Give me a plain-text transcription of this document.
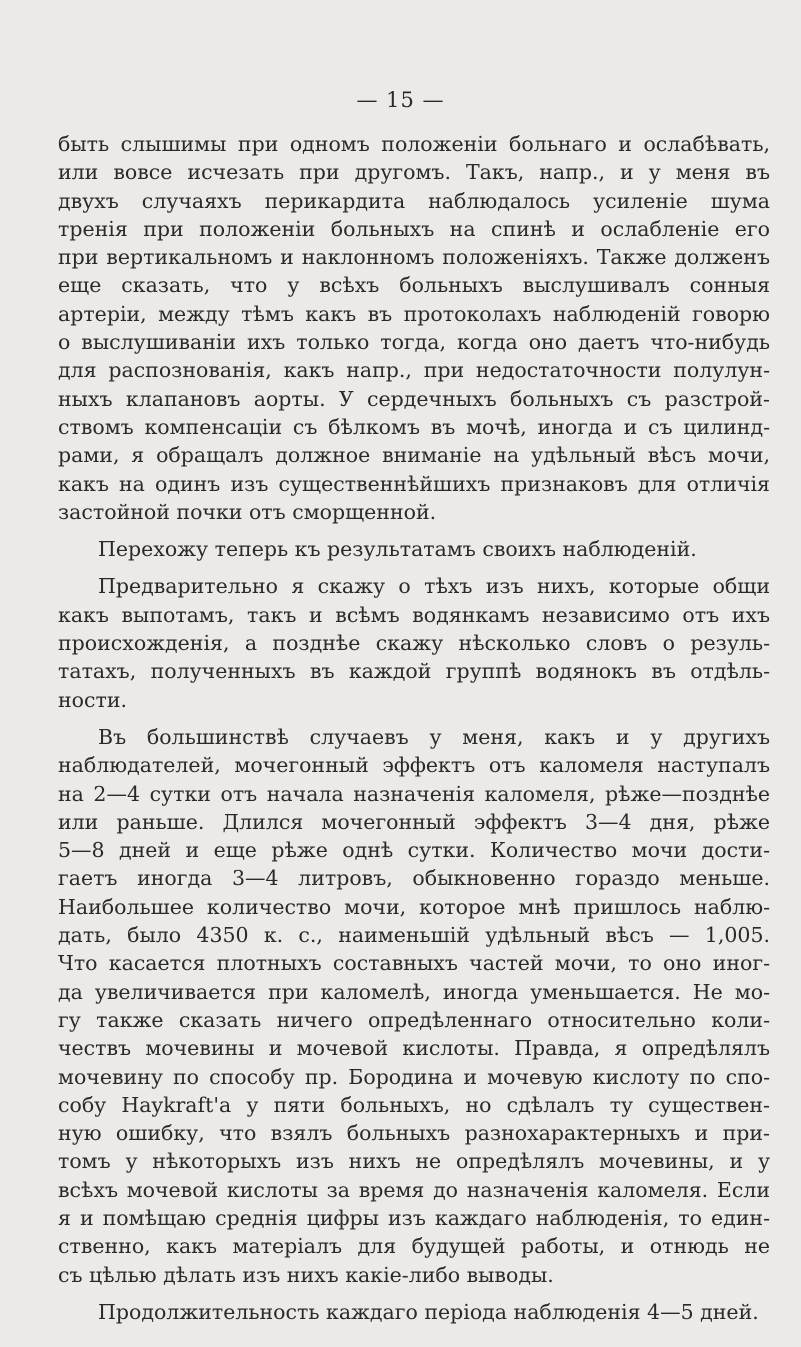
— 15 —
быть слышимы при одномъ положеніи больнаго и ослабѣвать,
или вовсе исчезать при другомъ. Такъ, напр., и у меня въ
двухъ случаяхъ перикардита наблюдалось усиленіе шума
тренія при положеніи больныхъ на спинѣ и ослабленіе его
при вертикальномъ и наклонномъ положеніяхъ. Также долженъ
еще сказать, что у всѣхъ больныхъ выслушивалъ сонныя
артеріи, между тѣмъ какъ въ протоколахъ наблюденій говорю
о выслушиваніи ихъ только тогда, когда оно даетъ что-нибудь
для распознованія, какъ напр., при недостаточности полулун-
ныхъ клапановъ аорты. У сердечныхъ больныхъ съ разстрой-
ствомъ компенсаціи съ бѣлкомъ въ мочѣ, иногда и съ цилинд-
рами, я обращалъ должное вниманіе на удѣльный вѣсъ мочи,
какъ на одинъ изъ существеннѣйшихъ признаковъ для отличія
застойной почки отъ сморщенной.
Перехожу теперь къ результатамъ своихъ наблюденій.
Предварительно я скажу о тѣхъ изъ нихъ, которые общи
какъ выпотамъ, такъ и всѣмъ водянкамъ независимо отъ ихъ
происхожденія, а позднѣе скажу нѣсколько словъ о резуль-
татахъ, полученныхъ въ каждой группѣ водянокъ въ отдѣль-
ности.
Въ большинствѣ случаевъ у меня, какъ и у другихъ
наблюдателей, мочегонный эффектъ отъ каломеля наступалъ
на 2—4 сутки отъ начала назначенія каломеля, рѣже—позднѣе
или раньше. Длился мочегонный эффектъ 3—4 дня, рѣже
5—8 дней и еще рѣже однѣ сутки. Количество мочи дости-
гаетъ иногда 3—4 литровъ, обыкновенно гораздо меньше.
Наибольшее количество мочи, которое мнѣ пришлось наблю-
дать, было 4350 к. с., наименьшій удѣльный вѣсъ — 1,005.
Что касается плотныхъ составныхъ частей мочи, то оно иног-
да увеличивается при каломелѣ, иногда уменьшается. Не мо-
гу также сказать ничего опредѣленнаго относительно коли-
чествъ мочевины и мочевой кислоты. Правда, я опредѣлялъ
мочевину по способу пр. Бородина и мочевую кислоту по спо-
собу Haykraft'а у пяти больныхъ, но сдѣлалъ ту существен-
ную ошибку, что взялъ больныхъ разнохарактерныхъ и при-
томъ у нѣкоторыхъ изъ нихъ не опредѣлялъ мочевины, и у
всѣхъ мочевой кислоты за время до назначенія каломеля. Если
я и помѣщаю среднія цифры изъ каждаго наблюденія, то един-
ственно, какъ матеріалъ для будущей работы, и отнюдь не
съ цѣлью дѣлать изъ нихъ какіе-либо выводы.
Продолжительность каждаго періода наблюденія 4—5 дней.
